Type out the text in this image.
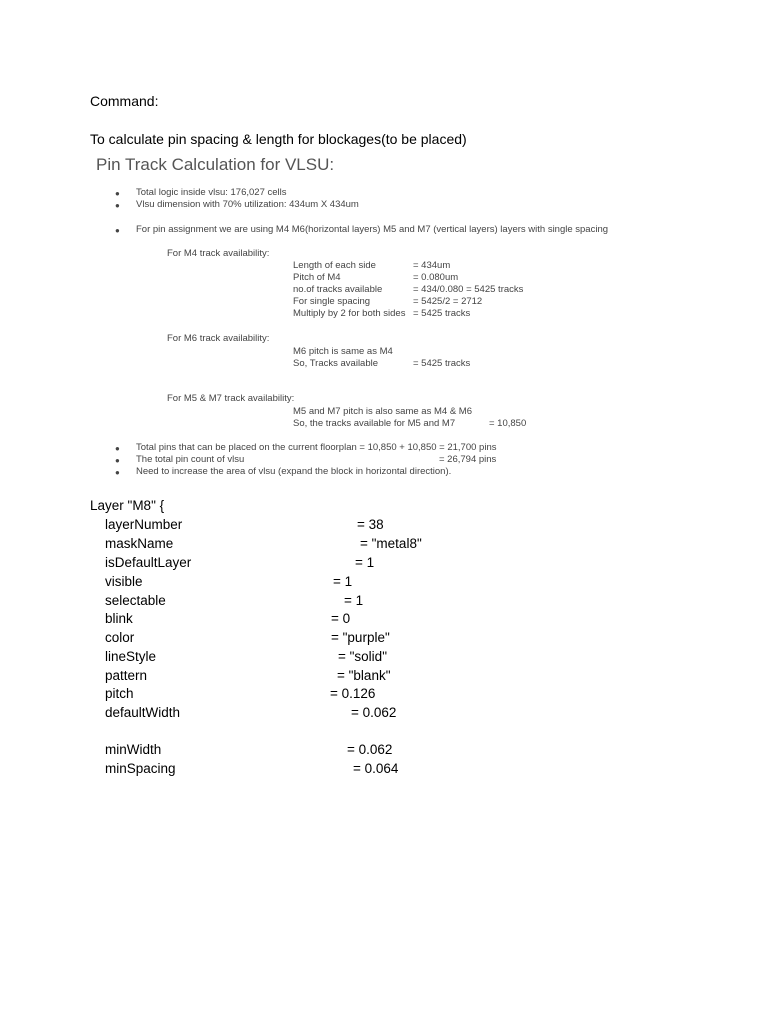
Command:
To calculate pin spacing & length for blockages(to be placed)
Pin Track Calculation for VLSU:
● Total logic inside vlsu: 176,027 cells
● Vlsu dimension with 70% utilization: 434um X 434um
● For pin assignment we are using M4 M6(horizontal layers) M5 and M7 (vertical layers) layers with single spacing
For M4 track availability:
Length of each side	= 434um
Pitch of M4	= 0.080um
no.of tracks available	= 434/0.080 = 5425 tracks
For single spacing	= 5425/2 = 2712
Multiply by 2 for both sides = 5425 tracks
For M6 track availability:
M6 pitch is same as M4
So, Tracks available	= 5425 tracks
For M5 & M7 track availability:
M5 and M7 pitch is also same as M4 & M6
So, the tracks available for M5 and M7	= 10,850
● Total pins that can be placed on the current floorplan = 10,850 + 10,850 = 21,700 pins
● The total pin count of vlsu	= 26,794 pins
● Need to increase the area of vlsu (expand the block in horizontal direction).
Layer "M8" {
layerNumber	= 38
maskName	= "metal8"
isDefaultLayer	= 1
visible	= 1
selectable	= 1
blink	= 0
color	= "purple"
lineStyle	= "solid"
pattern	= "blank"
pitch	= 0.126
defaultWidth	= 0.062
minWidth	= 0.062
minSpacing	= 0.064
